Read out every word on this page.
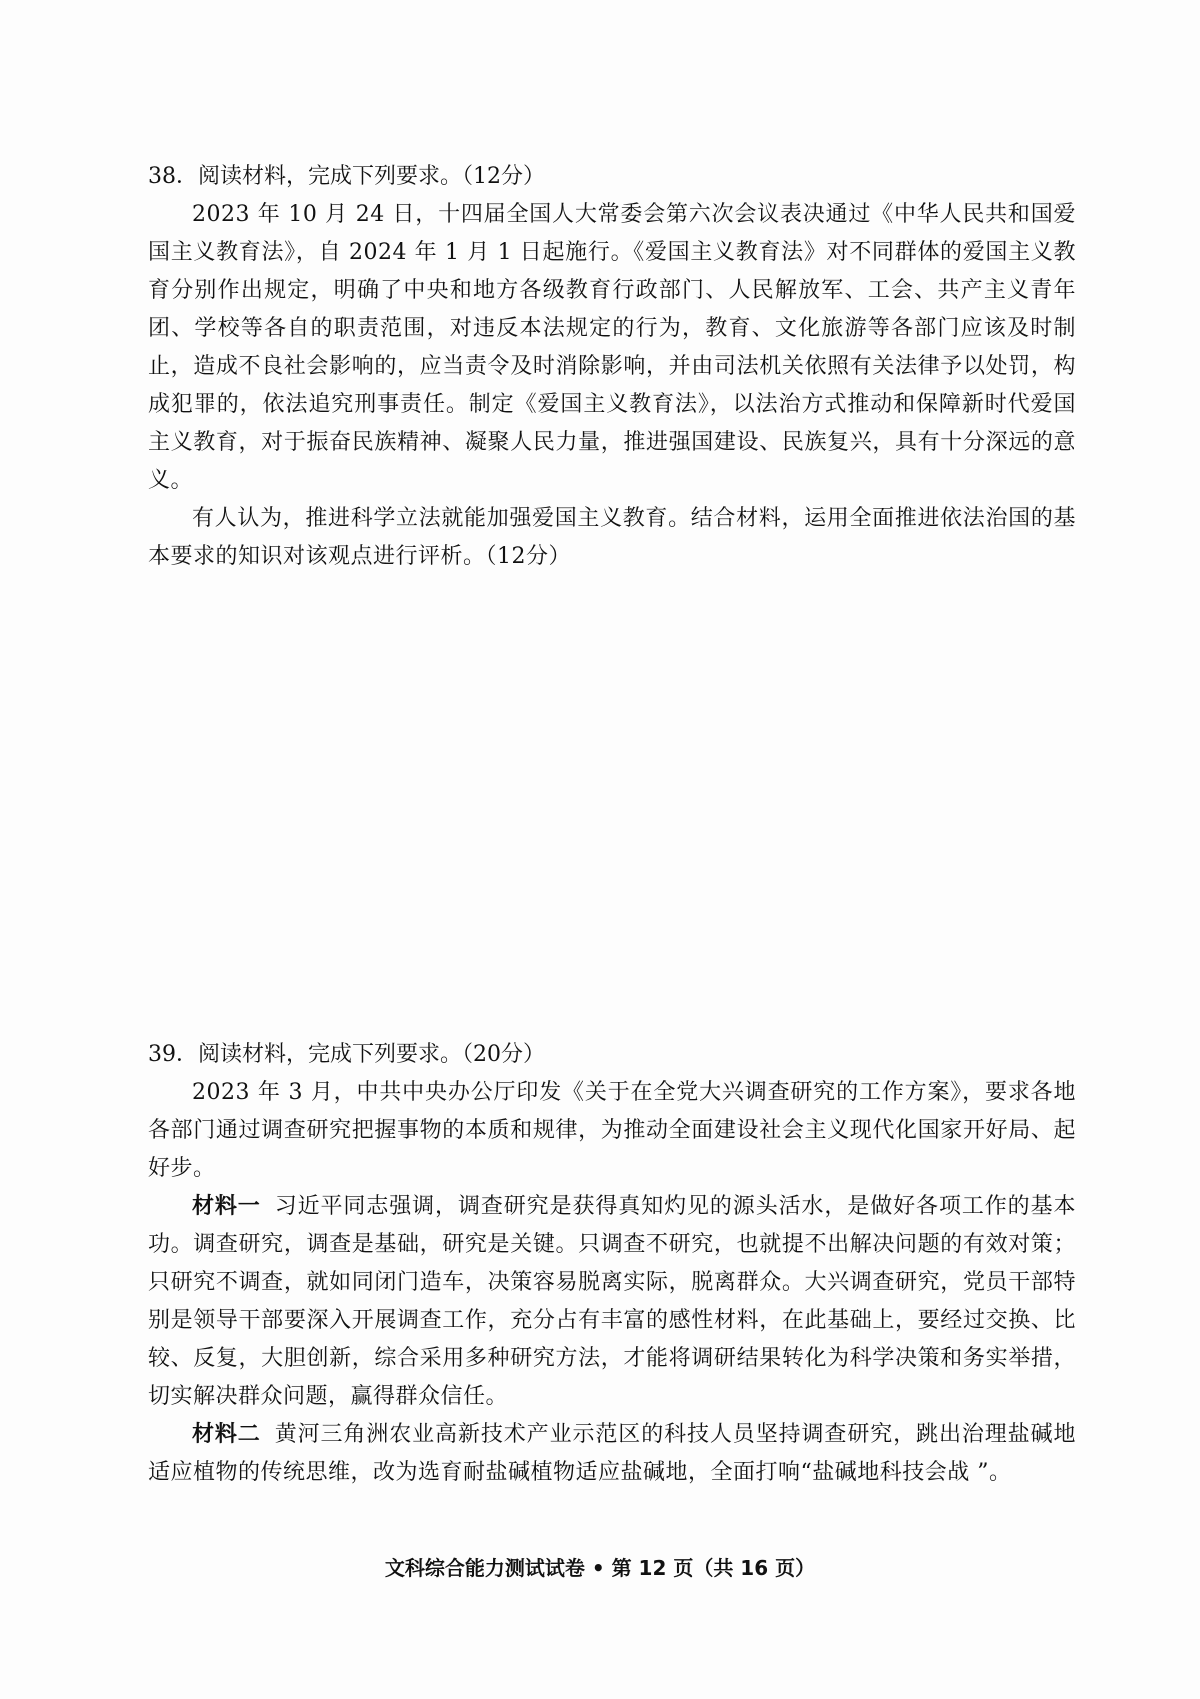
38．阅读材料，完成下列要求。（12分）

2023 年 10 月 24 日，十四届全国人大常委会第六次会议表决通过《中华人民共和国爱国主义教育法》，自 2024 年 1 月 1 日起施行。《爱国主义教育法》对不同群体的爱国主义教育分别作出规定，明确了中央和地方各级教育行政部门、人民解放军、工会、共产主义青年团、学校等各自的职责范围，对违反本法规定的行为，教育、文化旅游等各部门应该及时制止，造成不良社会影响的，应当责令及时消除影响，并由司法机关依照有关法律予以处罚，构成犯罪的，依法追究刑事责任。制定《爱国主义教育法》，以法治方式推动和保障新时代爱国主义教育，对于振奋民族精神、凝聚人民力量，推进强国建设、民族复兴，具有十分深远的意义。

有人认为，推进科学立法就能加强爱国主义教育。结合材料，运用全面推进依法治国的基本要求的知识对该观点进行评析。（12分）

39．阅读材料，完成下列要求。（20分）

2023 年 3 月，中共中央办公厅印发《关于在全党大兴调查研究的工作方案》，要求各地各部门通过调查研究把握事物的本质和规律，为推动全面建设社会主义现代化国家开好局、起好步。

材料一 习近平同志强调，调查研究是获得真知灼见的源头活水，是做好各项工作的基本功。调查研究，调查是基础，研究是关键。只调查不研究，也就提不出解决问题的有效对策；只研究不调查，就如同闭门造车，决策容易脱离实际，脱离群众。大兴调查研究，党员干部特别是领导干部要深入开展调查工作，充分占有丰富的感性材料，在此基础上，要经过交换、比较、反复，大胆创新，综合采用多种研究方法，才能将调研结果转化为科学决策和务实举措，切实解决群众问题，赢得群众信任。

材料二 黄河三角洲农业高新技术产业示范区的科技人员坚持调查研究，跳出治理盐碱地适应植物的传统思维，改为选育耐盐碱植物适应盐碱地，全面打响“盐碱地科技会战 ”。

文科综合能力测试试卷 • 第 12 页（共 16 页）
